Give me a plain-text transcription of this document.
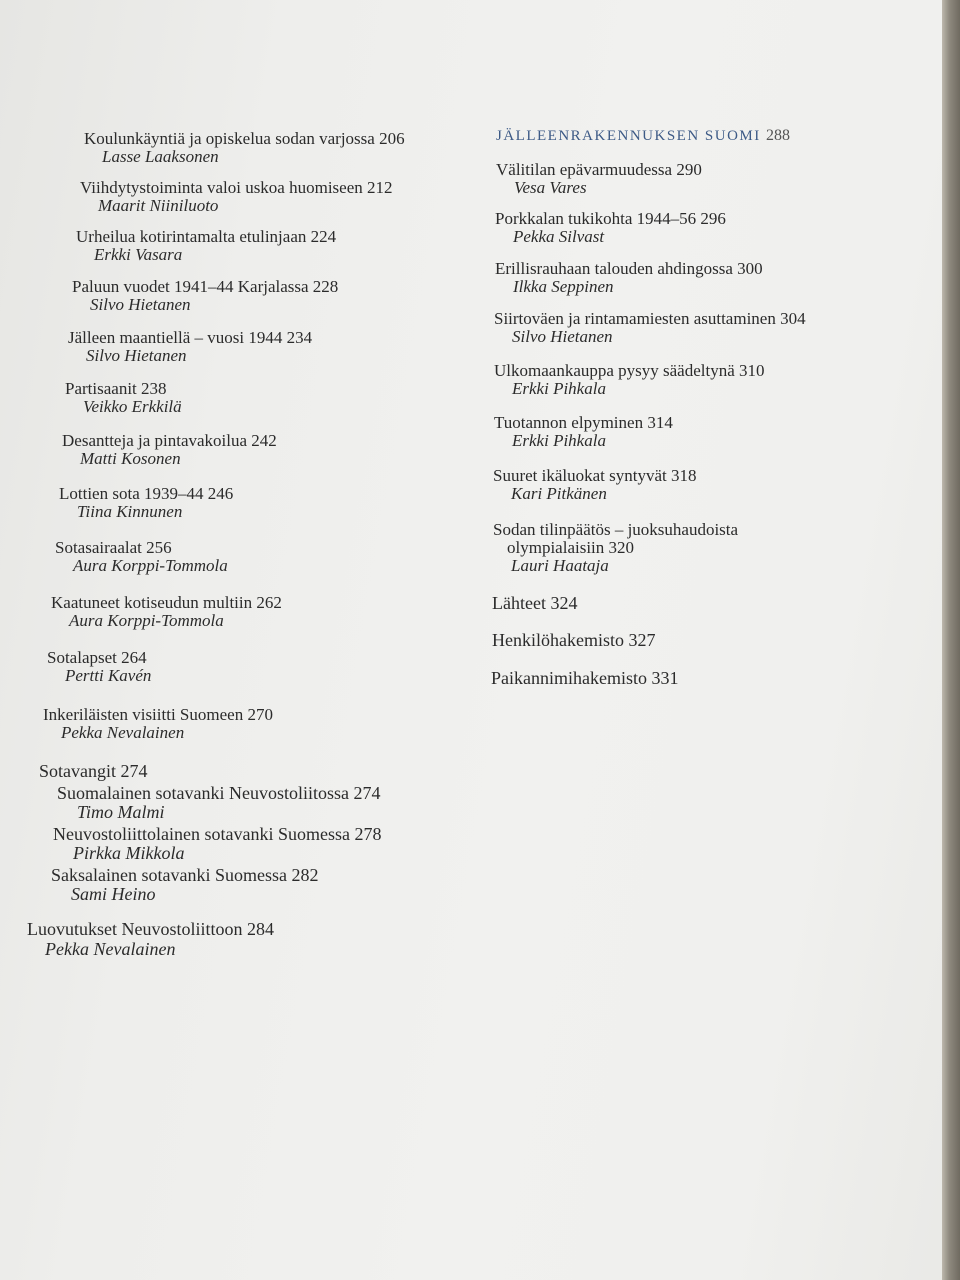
Koulunkäyntiä ja opiskelua sodan varjossa 206
Lasse Laaksonen
Viihdytystoiminta valoi uskoa huomiseen 212
Maarit Niiniluoto
Urheilua kotirintamalta etulinjaan 224
Erkki Vasara
Paluun vuodet 1941–44 Karjalassa 228
Silvo Hietanen
Jälleen maantiellä – vuosi 1944 234
Silvo Hietanen
Partisaanit 238
Veikko Erkkilä
Desantteja ja pintavakoilua 242
Matti Kosonen
Lottien sota 1939–44 246
Tiina Kinnunen
Sotasairaalat 256
Aura Korppi-Tommola
Kaatuneet kotiseudun multiin 262
Aura Korppi-Tommola
Sotalapset 264
Pertti Kavén
Inkeriläisten visiitti Suomeen 270
Pekka Nevalainen
Sotavangit 274
Suomalainen sotavanki Neuvostoliitossa 274
Timo Malmi
Neuvostoliittolainen sotavanki Suomessa 278
Pirkka Mikkola
Saksalainen sotavanki Suomessa 282
Sami Heino
Luovutukset Neuvostoliittoon 284
Pekka Nevalainen
JÄLLEENRAKENNUKSEN SUOMI 288
Välitilan epävarmuudessa 290
Vesa Vares
Porkkalan tukikohta 1944–56 296
Pekka Silvast
Erillisrauhaan talouden ahdingossa 300
Ilkka Seppinen
Siirtoväen ja rintamamiesten asuttaminen 304
Silvo Hietanen
Ulkomaankauppa pysyy säädeltynä 310
Erkki Pihkala
Tuotannon elpyminen 314
Erkki Pihkala
Suuret ikäluokat syntyvät 318
Kari Pitkänen
Sodan tilinpäätös – juoksuhaudoista
olympialaisiin 320
Lauri Haataja
Lähteet 324
Henkilöhakemisto 327
Paikannimihakemisto 331
